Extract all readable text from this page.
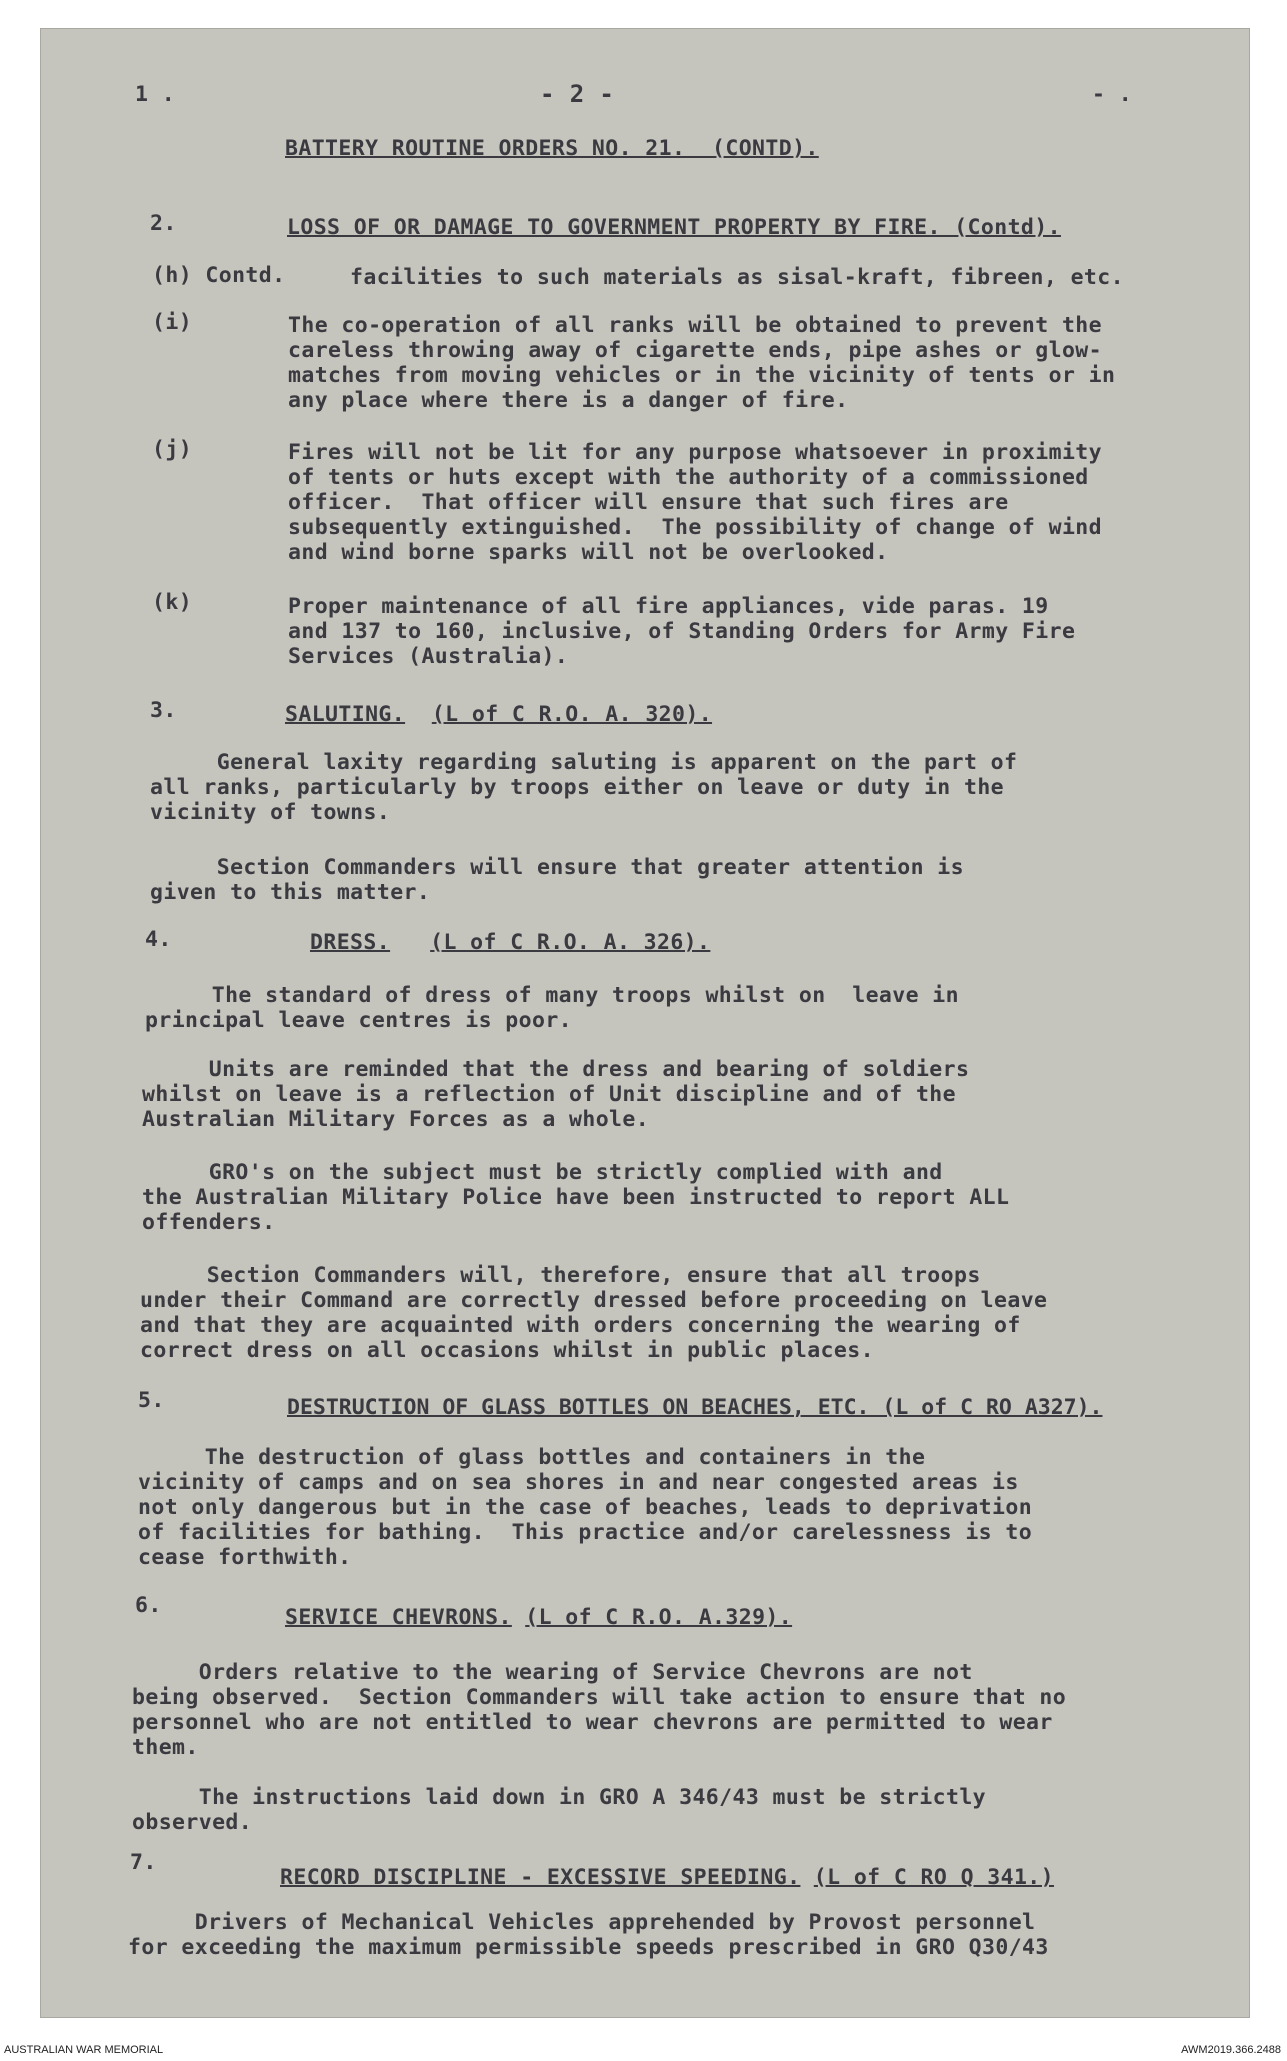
1 .	- 2 -	- .
BATTERY ROUTINE ORDERS NO. 21.  (CONTD).
2.	LOSS OF OR DAMAGE TO GOVERNMENT PROPERTY BY FIRE. (Contd).
(h) Contd.	facilities to such materials as sisal-kraft, fibreen, etc.
(i)	The co-operation of all ranks will be obtained to prevent the
careless throwing away of cigarette ends, pipe ashes or glow-
matches from moving vehicles or in the vicinity of tents or in
any place where there is a danger of fire.
(j)	Fires will not be lit for any purpose whatsoever in proximity
of tents or huts except with the authority of a commissioned
officer.  That officer will ensure that such fires are
subsequently extinguished.  The possibility of change of wind
and wind borne sparks will not be overlooked.
(k)	Proper maintenance of all fire appliances, vide paras. 19
and 137 to 160, inclusive, of Standing Orders for Army Fire
Services (Australia).
3.	SALUTING. (L of C R.O. A. 320).
General laxity regarding saluting is apparent on the part of
all ranks, particularly by troops either on leave or duty in the
vicinity of towns.
Section Commanders will ensure that greater attention is
given to this matter.
4.	DRESS. (L of C R.O. A. 326).
The standard of dress of many troops whilst on  leave in
principal leave centres is poor.
Units are reminded that the dress and bearing of soldiers
whilst on leave is a reflection of Unit discipline and of the
Australian Military Forces as a whole.
GRO's on the subject must be strictly complied with and
the Australian Military Police have been instructed to report ALL
offenders.
Section Commanders will, therefore, ensure that all troops
under their Command are correctly dressed before proceeding on leave
and that they are acquainted with orders concerning the wearing of
correct dress on all occasions whilst in public places.
5.	DESTRUCTION OF GLASS BOTTLES ON BEACHES, ETC. (L of C RO A327).
The destruction of glass bottles and containers in the
vicinity of camps and on sea shores in and near congested areas is
not only dangerous but in the case of beaches, leads to deprivation
of facilities for bathing.  This practice and/or carelessness is to
cease forthwith.
6.	SERVICE CHEVRONS. (L of C R.O. A.329).
Orders relative to the wearing of Service Chevrons are not
being observed.  Section Commanders will take action to ensure that no
personnel who are not entitled to wear chevrons are permitted to wear
them.
The instructions laid down in GRO A 346/43 must be strictly
observed.
7.
RECORD DISCIPLINE - EXCESSIVE SPEEDING. (L of C RO Q 341.)
Drivers of Mechanical Vehicles apprehended by Provost personnel
for exceeding the maximum permissible speeds prescribed in GRO Q30/43
AUSTRALIAN WAR MEMORIAL	AWM2019.366.2488
